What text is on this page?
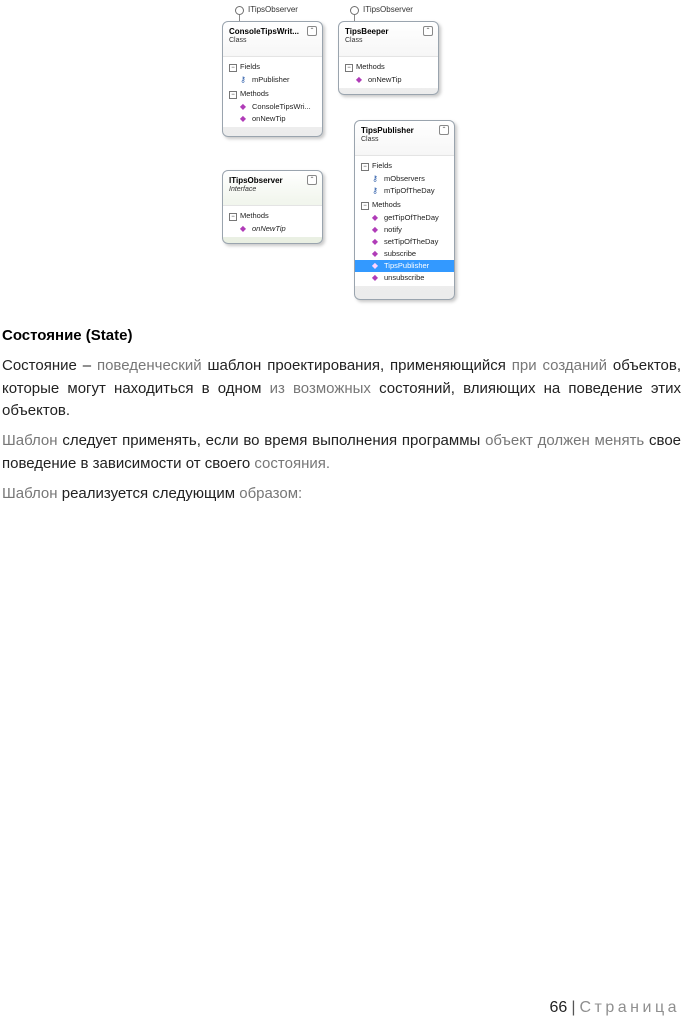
ITipsObserver	ITipsObserver
ConsoleTipsWrit...
Class
⌃
− Fields
⚷ mPublisher
− Methods
◆ ConsoleTipsWri...
◆ onNewTip
TipsBeeper
Class
⌃
− Methods
◆ onNewTip
ITipsObserver
Interface
⌃
− Methods
◆ onNewTip
TipsPublisher
Class
⌃
− Fields
⚷ mObservers
⚷ mTipOfTheDay
− Methods
◆ getTipOfTheDay
◆ notify
◆ setTipOfTheDay
◆ subscribe
◆ TipsPublisher
◆ unsubscribe
Состояние (State)

Состояние – поведенческий шаблон проектирования, применяющийся при созданий объектов, которые могут находиться в одном из возможных состояний, влияющих на поведение этих объектов.

Шаблон следует применять, если во время выполнения программы объект должен менять свое поведение в зависимости от своего состояния.

Шаблон реализуется следующим образом:

66 | Страница
